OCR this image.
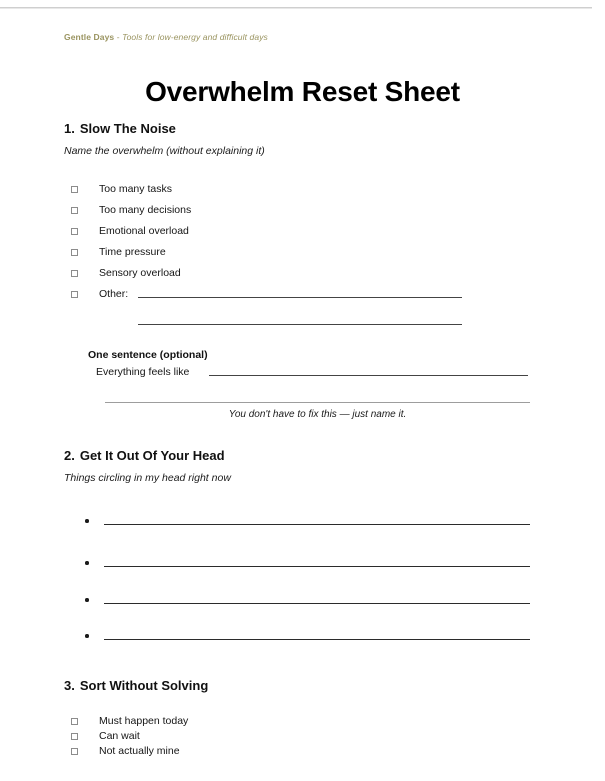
Gentle Days - Tools for low-energy and difficult days
Overwhelm Reset Sheet
1. Slow The Noise
Name the overwhelm (without explaining it)
Too many tasks
Too many decisions
Emotional overload
Time pressure
Sensory overload
Other:
One sentence (optional)
Everything feels like
You don't have to fix this — just name it.
2. Get It Out Of Your Head
Things circling in my head right now
3. Sort Without Solving
Must happen today
Can wait
Not actually mine
